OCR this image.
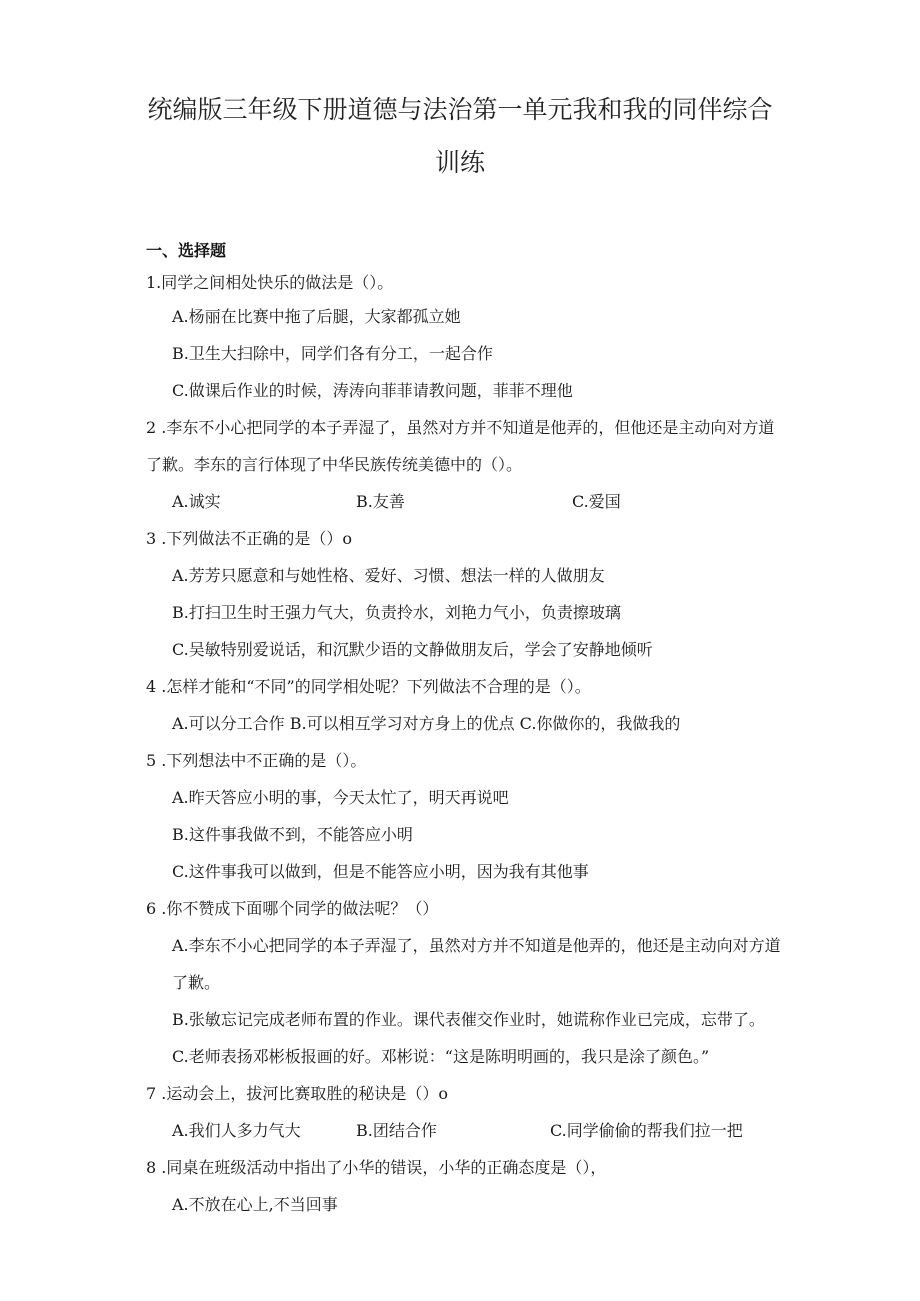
统编版三年级下册道德与法治第一单元我和我的同伴综合
训练
一、选择题
1.同学之间相处快乐的做法是（）。
A.杨丽在比赛中拖了后腿，大家都孤立她
B.卫生大扫除中，同学们各有分工，一起合作
C.做课后作业的时候，涛涛向菲菲请教问题，菲菲不理他
2 .李东不小心把同学的本子弄湿了，虽然对方并不知道是他弄的，但他还是主动向对方道
了歉。李东的言行体现了中华民族传统美德中的（）。
A.诚实	B.友善	C.爱国
3 .下列做法不正确的是（）o
A.芳芳只愿意和与她性格、爱好、习惯、想法一样的人做朋友
B.打扫卫生时王强力气大，负责拎水，刘艳力气小，负责擦玻璃
C.吴敏特别爱说话，和沉默少语的文静做朋友后，学会了安静地倾听
4 .怎样才能和“不同”的同学相处呢？下列做法不合理的是（）。
A.可以分工合作 B.可以相互学习对方身上的优点 C.你做你的，我做我的
5 .下列想法中不正确的是（）。
A.昨天答应小明的事，今天太忙了，明天再说吧
B.这件事我做不到，不能答应小明
C.这件事我可以做到，但是不能答应小明，因为我有其他事
6 .你不赞成下面哪个同学的做法呢？（）
A.李东不小心把同学的本子弄湿了，虽然对方并不知道是他弄的，他还是主动向对方道
了歉。
B.张敏忘记完成老师布置的作业。课代表催交作业时，她谎称作业已完成，忘带了。
C.老师表扬邓彬板报画的好。邓彬说：“这是陈明明画的，我只是涂了颜色。”
7 .运动会上，拔河比赛取胜的秘诀是（）o
A.我们人多力气大	B.团结合作	C.同学偷偷的帮我们拉一把
8 .同桌在班级活动中指出了小华的错误，小华的正确态度是（），
A.不放在心上,不当回事
